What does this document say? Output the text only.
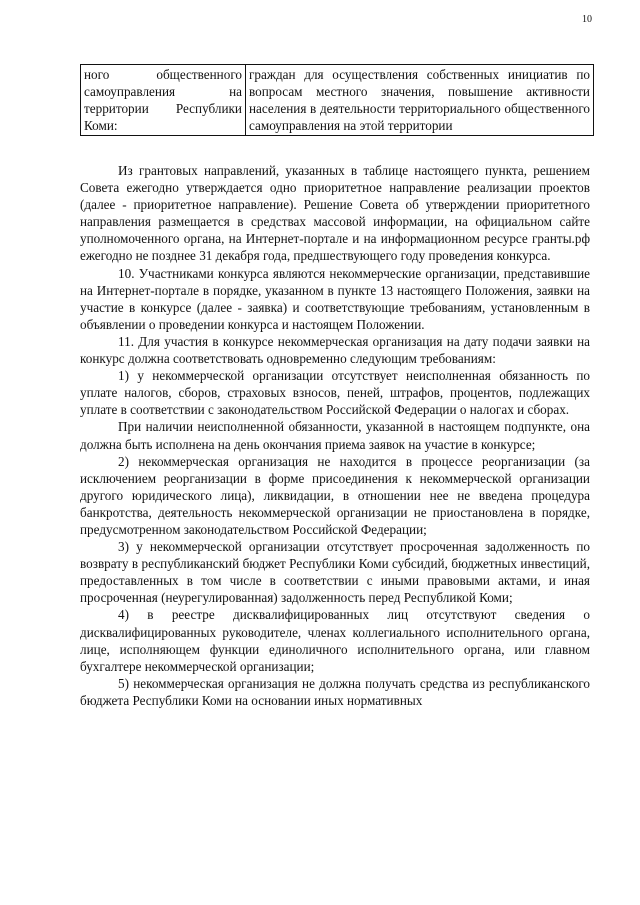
10
ного общественного самоуправления на территории Республики Коми:	граждан для осуществления собственных инициатив по вопросам местного значения, повышение активности населения в деятельности территориального общественного самоуправления на этой территории

Из грантовых направлений, указанных в таблице настоящего пункта, решением Совета ежегодно утверждается одно приоритетное направление реализации проектов (далее - приоритетное направление). Решение Совета об утверждении приоритетного направления размещается в средствах массовой информации, на официальном сайте уполномоченного органа, на Интернет-портале и на информационном ресурсе гранты.рф ежегодно не позднее 31 декабря года, предшествующего году проведения конкурса.

10. Участниками конкурса являются некоммерческие организации, представившие на Интернет-портале в порядке, указанном в пункте 13 настоящего Положения, заявки на участие в конкурсе (далее - заявка) и соответствующие требованиям, установленным в объявлении о проведении конкурса и настоящем Положении.

11. Для участия в конкурсе некоммерческая организация на дату подачи заявки на конкурс должна соответствовать одновременно следующим требованиям:

1) у некоммерческой организации отсутствует неисполненная обязанность по уплате налогов, сборов, страховых взносов, пеней, штрафов, процентов, подлежащих уплате в соответствии с законодательством Российской Федерации о налогах и сборах.

При наличии неисполненной обязанности, указанной в настоящем подпункте, она должна быть исполнена на день окончания приема заявок на участие в конкурсе;

2) некоммерческая организация не находится в процессе реорганизации (за исключением реорганизации в форме присоединения к некоммерческой организации другого юридического лица), ликвидации, в отношении нее не введена процедура банкротства, деятельность некоммерческой организации не приостановлена в порядке, предусмотренном законодательством Российской Федерации;

3) у некоммерческой организации отсутствует просроченная задолженность по возврату в республиканский бюджет Республики Коми субсидий, бюджетных инвестиций, предоставленных в том числе в соответствии с иными правовыми актами, и иная просроченная (неурегулированная) задолженность перед Республикой Коми;

4) в реестре дисквалифицированных лиц отсутствуют сведения о дисквалифицированных руководителе, членах коллегиального исполнительного органа, лице, исполняющем функции единоличного исполнительного органа, или главном бухгалтере некоммерческой организации;

5) некоммерческая организация не должна получать средства из республиканского бюджета Республики Коми на основании иных нормативных
